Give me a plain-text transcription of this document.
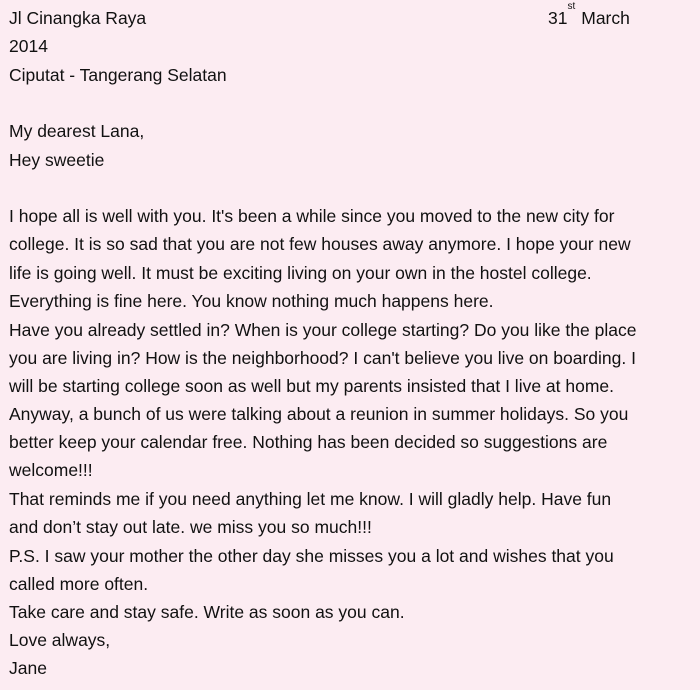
Jl Cinangka Raya
2014
Ciputat - Tangerang Selatan
31stMarch
My dearest Lana,
Hey sweetie
I hope all is well with you. It's been a while since you moved to the new city for
college. It is so sad that you are not few houses away anymore. I hope your new
life is going well. It must be exciting living on your own in the hostel college.
Everything is fine here. You know nothing much happens here.
Have you already settled in? When is your college starting? Do you like the place
you are living in? How is the neighborhood? I can't believe you live on boarding. I
will be starting college soon as well but my parents insisted that I live at home.
Anyway, a bunch of us were talking about a reunion in summer holidays. So you
better keep your calendar free. Nothing has been decided so suggestions are
welcome!!!
That reminds me if you need anything let me know. I will gladly help. Have fun
and don’t stay out late. we miss you so much!!!
P.S. I saw your mother the other day she misses you a lot and wishes that you
called more often.
Take care and stay safe. Write as soon as you can.
Love always,
Jane
